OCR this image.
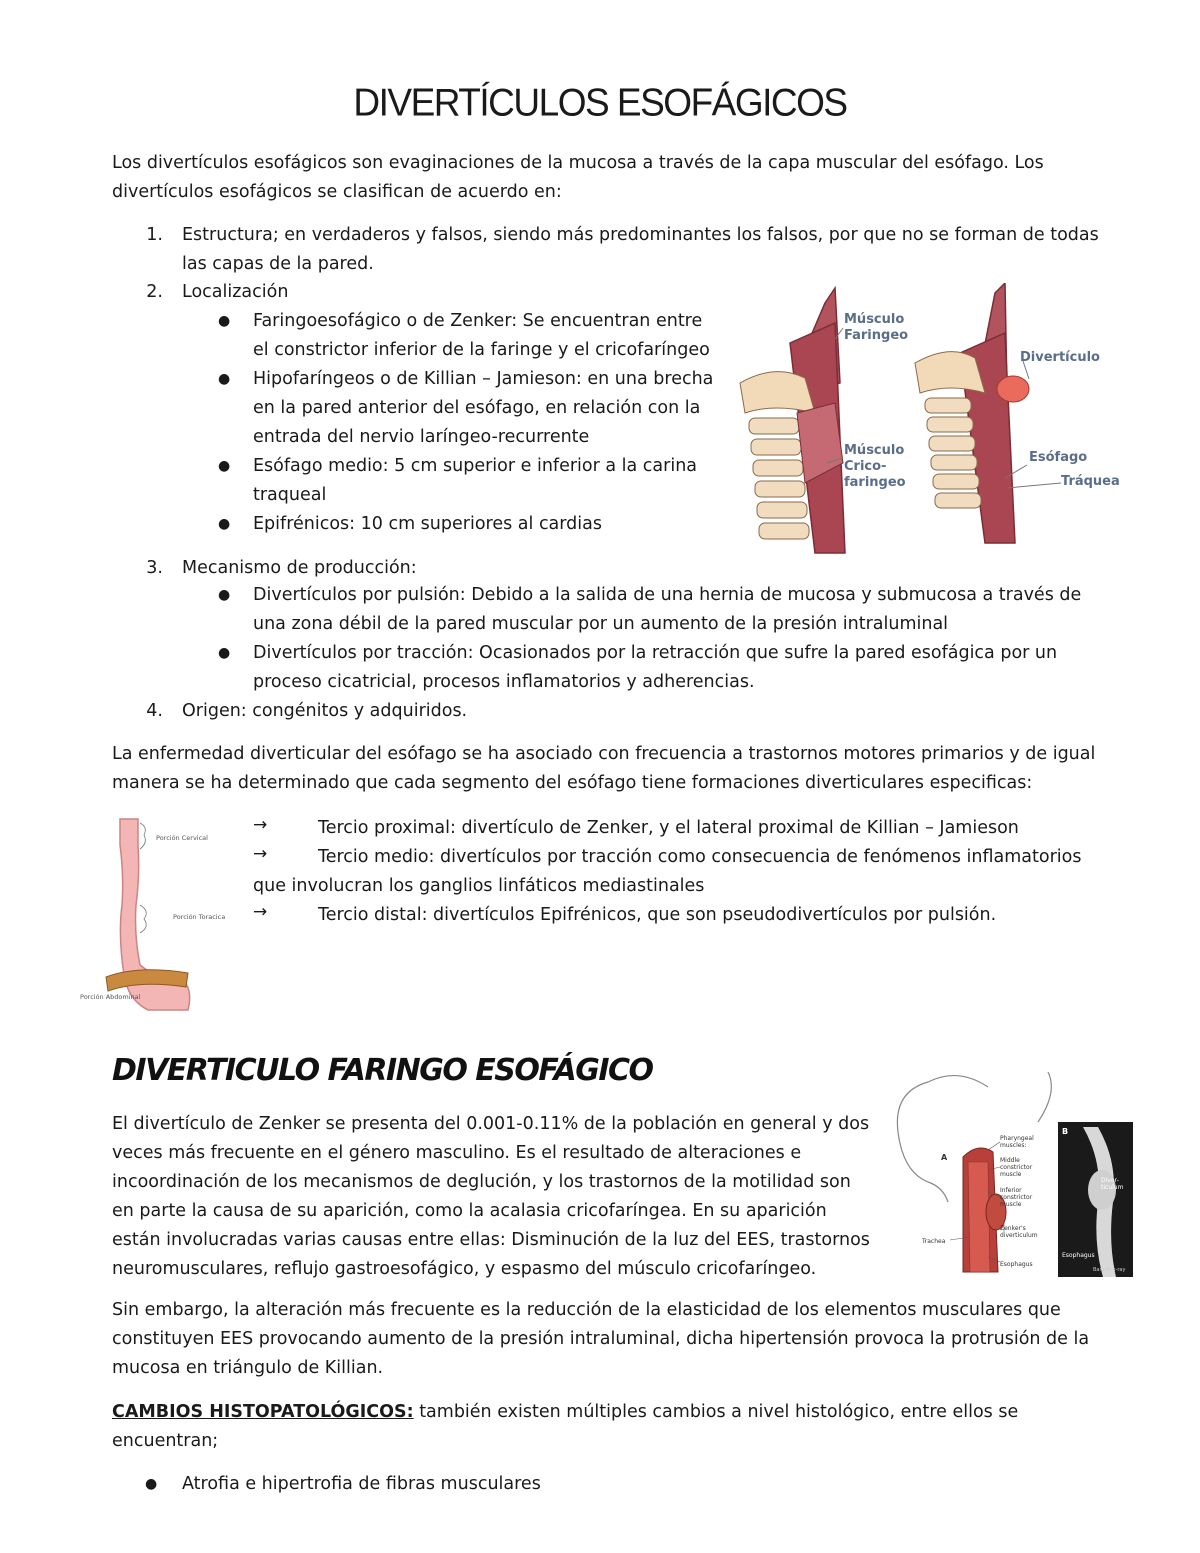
DIVERTÍCULOS ESOFÁGICOS
Los divertículos esofágicos son evaginaciones de la mucosa a través de la capa muscular del esófago. Los
divertículos esofágicos se clasifican de acuerdo en:
1. Estructura; en verdaderos y falsos, siendo más predominantes los falsos, por que no se forman de todas
las capas de la pared.
2. Localización
● Faringoesofágico o de Zenker: Se encuentran entre
el constrictor inferior de la faringe y el cricofaríngeo
● Hipofaríngeos o de Killian – Jamieson: en una brecha
en la pared anterior del esófago, en relación con la
entrada del nervio laríngeo-recurrente
● Esófago medio: 5 cm superior e inferior a la carina
traqueal
● Epifrénicos: 10 cm superiores al cardias
Músculo
Faringeo
Músculo
Crico-
faringeo
Divertículo
Esófago
Tráquea
3. Mecanismo de producción:
● Divertículos por pulsión: Debido a la salida de una hernia de mucosa y submucosa a través de
una zona débil de la pared muscular por un aumento de la presión intraluminal
● Divertículos por tracción: Ocasionados por la retracción que sufre la pared esofágica por un
proceso cicatricial, procesos inflamatorios y adherencias.
4. Origen: congénitos y adquiridos.
La enfermedad diverticular del esófago se ha asociado con frecuencia a trastornos motores primarios y de igual
manera se ha determinado que cada segmento del esófago tiene formaciones diverticulares especificas:
Porción Cervical
Porción Toracica
Porción Abdominal
→	Tercio proximal: divertículo de Zenker, y el lateral proximal de Killian – Jamieson
→	Tercio medio: divertículos por tracción como consecuencia de fenómenos inflamatorios
que involucran los ganglios linfáticos mediastinales
→	Tercio distal: divertículos Epifrénicos, que son pseudodivertículos por pulsión.
DIVERTICULO FARINGO ESOFÁGICO
Pharyngeal
muscles:
Middle
constrictor
muscle
Inferior
constrictor
muscle
Zenker's
diverticulum
Trachea
Esophagus
A
B
Diver-
ticulum
Esophagus
Barium x-ray
El divertículo de Zenker se presenta del 0.001-0.11% de la población en general y dos
veces más frecuente en el género masculino. Es el resultado de alteraciones e
incoordinación de los mecanismos de deglución, y los trastornos de la motilidad son
en parte la causa de su aparición, como la acalasia cricofaríngea. En su aparición
están involucradas varias causas entre ellas: Disminución de la luz del EES, trastornos
neuromusculares, reflujo gastroesofágico, y espasmo del músculo cricofaríngeo.
Sin embargo, la alteración más frecuente es la reducción de la elasticidad de los elementos musculares que
constituyen EES provocando aumento de la presión intraluminal, dicha hipertensión provoca la protrusión de la
mucosa en triángulo de Killian.
CAMBIOS HISTOPATOLÓGICOS: también existen múltiples cambios a nivel histológico, entre ellos se
encuentran;
● Atrofia e hipertrofia de fibras musculares
